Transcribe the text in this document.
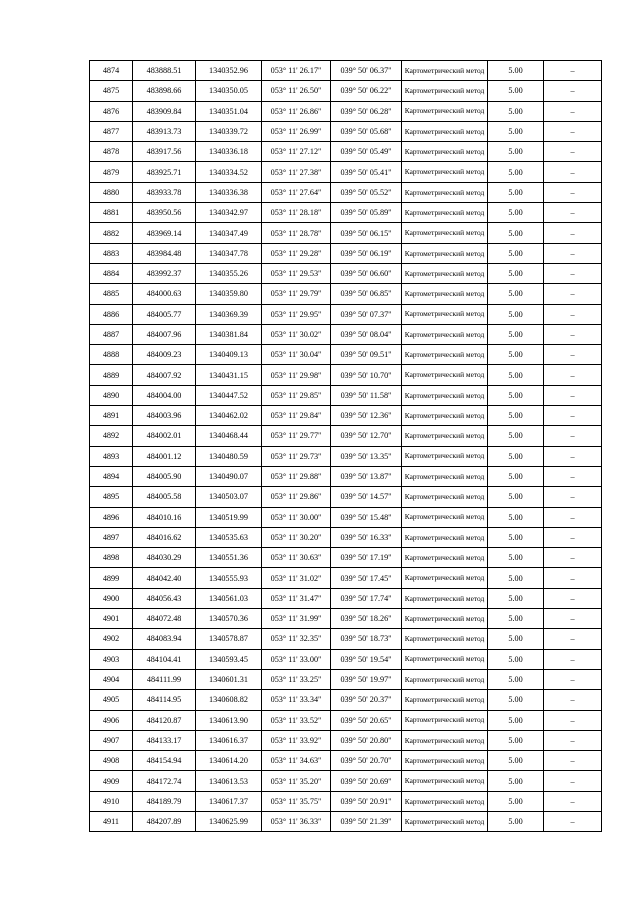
4874	483888.51	1340352.96	053° 11' 26.17"	039° 50' 06.37"	Картометрический метод	5.00	–
4875	483898.66	1340350.05	053° 11' 26.50"	039° 50' 06.22"	Картометрический метод	5.00	–
4876	483909.84	1340351.04	053° 11' 26.86"	039° 50' 06.28"	Картометрический метод	5.00	–
4877	483913.73	1340339.72	053° 11' 26.99"	039° 50' 05.68"	Картометрический метод	5.00	–
4878	483917.56	1340336.18	053° 11' 27.12"	039° 50' 05.49"	Картометрический метод	5.00	–
4879	483925.71	1340334.52	053° 11' 27.38"	039° 50' 05.41"	Картометрический метод	5.00	–
4880	483933.78	1340336.38	053° 11' 27.64"	039° 50' 05.52"	Картометрический метод	5.00	–
4881	483950.56	1340342.97	053° 11' 28.18"	039° 50' 05.89"	Картометрический метод	5.00	–
4882	483969.14	1340347.49	053° 11' 28.78"	039° 50' 06.15"	Картометрический метод	5.00	–
4883	483984.48	1340347.78	053° 11' 29.28"	039° 50' 06.19"	Картометрический метод	5.00	–
4884	483992.37	1340355.26	053° 11' 29.53"	039° 50' 06.60"	Картометрический метод	5.00	–
4885	484000.63	1340359.80	053° 11' 29.79"	039° 50' 06.85"	Картометрический метод	5.00	–
4886	484005.77	1340369.39	053° 11' 29.95"	039° 50' 07.37"	Картометрический метод	5.00	–
4887	484007.96	1340381.84	053° 11' 30.02"	039° 50' 08.04"	Картометрический метод	5.00	–
4888	484009.23	1340409.13	053° 11' 30.04"	039° 50' 09.51"	Картометрический метод	5.00	–
4889	484007.92	1340431.15	053° 11' 29.98"	039° 50' 10.70"	Картометрический метод	5.00	–
4890	484004.00	1340447.52	053° 11' 29.85"	039° 50' 11.58"	Картометрический метод	5.00	–
4891	484003.96	1340462.02	053° 11' 29.84"	039° 50' 12.36"	Картометрический метод	5.00	–
4892	484002.01	1340468.44	053° 11' 29.77"	039° 50' 12.70"	Картометрический метод	5.00	–
4893	484001.12	1340480.59	053° 11' 29.73"	039° 50' 13.35"	Картометрический метод	5.00	–
4894	484005.90	1340490.07	053° 11' 29.88"	039° 50' 13.87"	Картометрический метод	5.00	–
4895	484005.58	1340503.07	053° 11' 29.86"	039° 50' 14.57"	Картометрический метод	5.00	–
4896	484010.16	1340519.99	053° 11' 30.00"	039° 50' 15.48"	Картометрический метод	5.00	–
4897	484016.62	1340535.63	053° 11' 30.20"	039° 50' 16.33"	Картометрический метод	5.00	–
4898	484030.29	1340551.36	053° 11' 30.63"	039° 50' 17.19"	Картометрический метод	5.00	–
4899	484042.40	1340555.93	053° 11' 31.02"	039° 50' 17.45"	Картометрический метод	5.00	–
4900	484056.43	1340561.03	053° 11' 31.47"	039° 50' 17.74"	Картометрический метод	5.00	–
4901	484072.48	1340570.36	053° 11' 31.99"	039° 50' 18.26"	Картометрический метод	5.00	–
4902	484083.94	1340578.87	053° 11' 32.35"	039° 50' 18.73"	Картометрический метод	5.00	–
4903	484104.41	1340593.45	053° 11' 33.00"	039° 50' 19.54"	Картометрический метод	5.00	–
4904	484111.99	1340601.31	053° 11' 33.25"	039° 50' 19.97"	Картометрический метод	5.00	–
4905	484114.95	1340608.82	053° 11' 33.34"	039° 50' 20.37"	Картометрический метод	5.00	–
4906	484120.87	1340613.90	053° 11' 33.52"	039° 50' 20.65"	Картометрический метод	5.00	–
4907	484133.17	1340616.37	053° 11' 33.92"	039° 50' 20.80"	Картометрический метод	5.00	–
4908	484154.94	1340614.20	053° 11' 34.63"	039° 50' 20.70"	Картометрический метод	5.00	–
4909	484172.74	1340613.53	053° 11' 35.20"	039° 50' 20.69"	Картометрический метод	5.00	–
4910	484189.79	1340617.37	053° 11' 35.75"	039° 50' 20.91"	Картометрический метод	5.00	–
4911	484207.89	1340625.99	053° 11' 36.33"	039° 50' 21.39"	Картометрический метод	5.00	–
